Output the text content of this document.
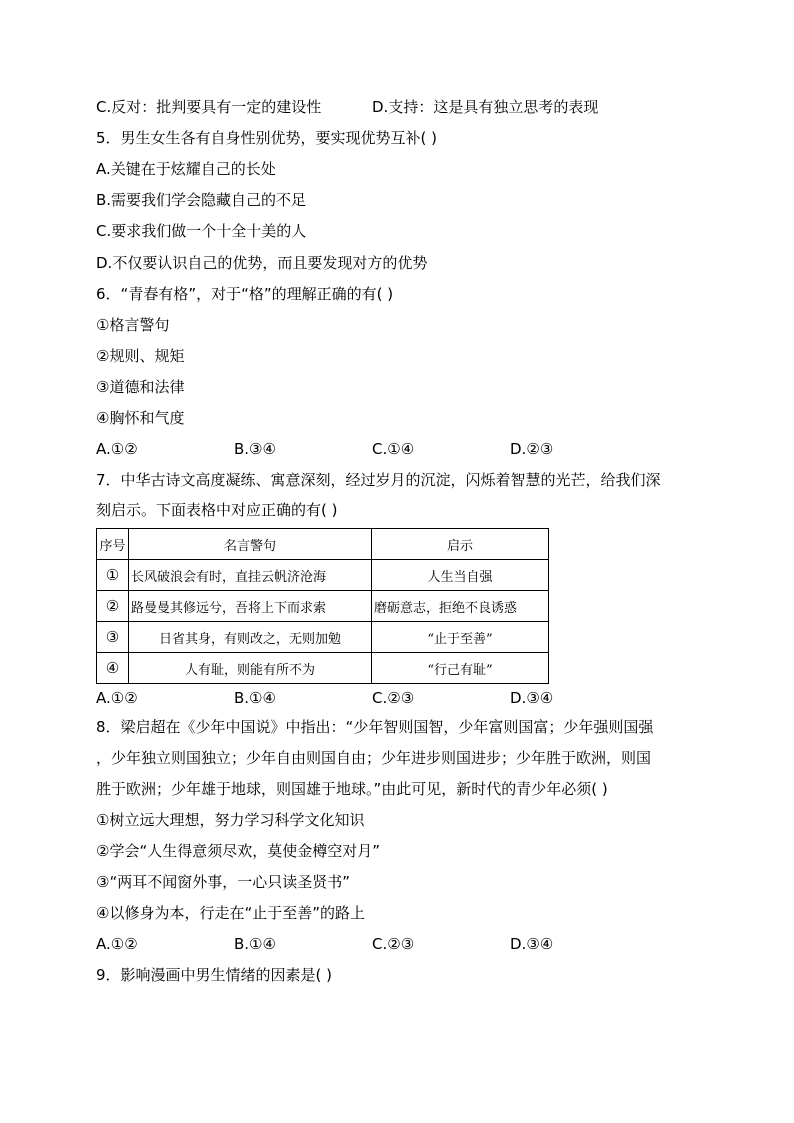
C.反对：批判要具有一定的建设性	D.支持：这是具有独立思考的表现
5．男生女生各有自身性别优势，要实现优势互补( )
A.关键在于炫耀自己的长处
B.需要我们学会隐藏自己的不足
C.要求我们做一个十全十美的人
D.不仅要认识自己的优势，而且要发现对方的优势
6．“青春有格”，对于“格”的理解正确的有( )
①格言警句
②规则、规矩
③道德和法律
④胸怀和气度
A.①②	B.③④	C.①④	D.②③
7．中华古诗文高度凝练、寓意深刻，经过岁月的沉淀，闪烁着智慧的光芒，给我们深
刻启示。下面表格中对应正确的有( )
序号	名言警句	启示
①	长风破浪会有时，直挂云帆济沧海	人生当自强
②	路曼曼其修远兮，吾将上下而求索	磨砺意志，拒绝不良诱惑
③	日省其身，有则改之，无则加勉	“止于至善”
④	人有耻，则能有所不为	“行己有耻”
A.①②	B.①④	C.②③	D.③④
8．梁启超在《少年中国说》中指出：“少年智则国智，少年富则国富；少年强则国强
，少年独立则国独立；少年自由则国自由；少年进步则国进步；少年胜于欧洲，则国
胜于欧洲；少年雄于地球，则国雄于地球。”由此可见，新时代的青少年必须( )
①树立远大理想，努力学习科学文化知识
②学会“人生得意须尽欢，莫使金樽空对月”
③“两耳不闻窗外事，一心只读圣贤书”
④以修身为本，行走在“止于至善”的路上
A.①②	B.①④	C.②③	D.③④
9．影响漫画中男生情绪的因素是( )
